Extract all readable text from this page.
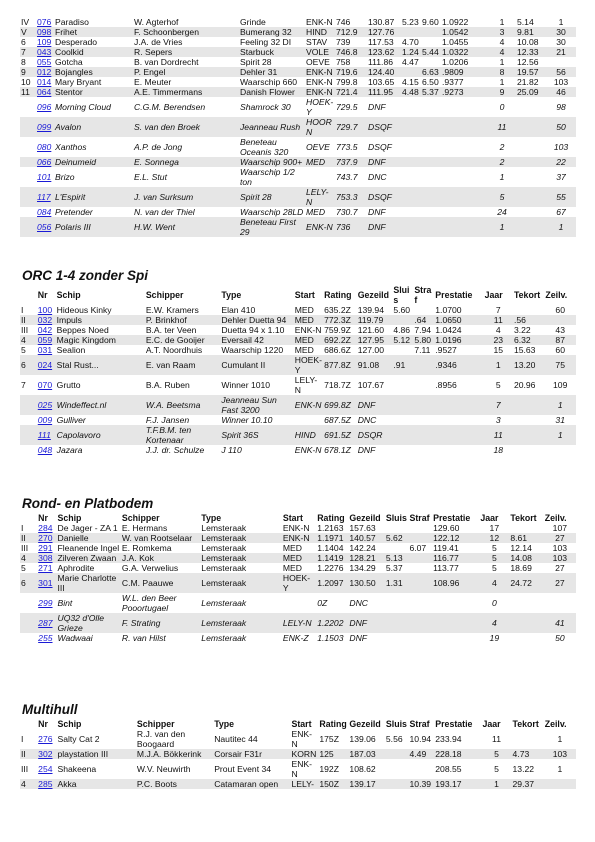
IV	076	Paradiso	W. Agterhof	Grinde	ENK-N	746	130.87	5.23	9.60	1.0922	1	5.14	1
V	098	Frihet	F. Schoonbergen	Bumerang 32	HIND	712.9	127.76			1.0542	3	9.81	30
6	109	Desperado	J.A. de Vries	Feeling 32 DI	STAV	739	117.53	4.70		1.0455	4	10.08	30
7	043	Coolkid	R. Sepers	Starbuck	VOLE	746.8	123.62	1.24	5.44	1.0322	4	12.33	21
8	055	Gotcha	B. van Dordrecht	Spirit 28	OEVE	758	111.86	4.47		1.0206	1	12.56	
9	012	Bojangles	P. Engel	Dehler 31	ENK-N	719.6	124.40		6.63	.9809	8	19.57	56
10	014	Mary Bryant	E. Meuter	Waarschip 660	ENK-N	799.8	103.65	4.15	6.50	.9377	1	21.82	103
11	064	Stentor	A.E. Timmermans	Danish Flower	ENK-N	721.4	111.95	4.48	5.37	.9273	9	25.09	46
	096	Morning Cloud	C.G.M. Berendsen	Shamrock 30	HOEK-Y	729.5	DNF				0		98
	099	Avalon	S. van den Broek	Jeanneau Rush	HOORN	729.7	DSQF				11		50
	080	Xanthos	A.P. de Jong	Beneteau Oceanis 320	OEVE	773.5	DSQF				2		103
	066	Deinumeid	E. Sonnega	Waarschip 900+	MED	737.9	DNF				2		22
	101	Brizo	E.L. Stut	Waarschip 1/2 ton		743.7	DNC				1		37
	117	L'Espirit	J. van Surksum	Spirit 28	LELY-N	753.3	DSQF				5		55
	084	Pretender	N. van der Thiel	Waarschip 28LD	MED	730.7	DNF				24		67
	056	Polaris III	H.W. Went	Beneteau First 29	ENK-N	736	DNF				1		1
ORC 1-4 zonder Spi
	Nr	Schip	Schipper	Type	Start	Rating	Gezeild	Sluis	Straf	Prestatie	Jaar	Tekort	Zeilv.
I	100	Hideous Kinky	E.W. Kramers	Elan 410	MED	635.2Z	139.94	5.60		1.0700	7		60
II	032	Impuls	P. Brinkhof	Dehler Duetta 94	MED	772.3Z	119.79		.64	1.0650	11	.56	
III	042	Beppes Noed	B.A. ter Veen	Duetta 94 x 1.10	ENK-N	759.9Z	121.60	4.86	7.94	1.0424	4	3.22	43
4	059	Magic Kingdom	E.C. de Gooijer	Eversail 42	MED	692.2Z	127.95	5.12	5.80	1.0196	23	6.32	87
5	031	Sealion	A.T. Noordhuis	Waarschip 1220	MED	686.6Z	127.00		7.11	.9527	15	15.63	60
6	024	Stal Rust...	E. van Raam	Cumulant II	HOEK-Y	877.8Z	91.08	.91		.9346	1	13.20	75
7	070	Grutto	B.A. Ruben	Winner 1010	LELY-N	718.7Z	107.67			.8956	5	20.96	109
	025	Windeffect.nl	W.A. Beetsma	Jeanneau Sun Fast 3200	ENK-N	699.8Z	DNF				7		1
	009	Gulliver	F.J. Jansen	Winner 10.10		687.5Z	DNC				3		31
	111	Capolavoro	T.F.B.M. ten Kortenaar	Spirit 36S	HIND	691.5Z	DSQR				11		1
	048	Jazara	J.J. dr. Schulze	J 110	ENK-N	678.1Z	DNF				18		
Rond- en Platbodem
	Nr	Schip	Schipper	Type	Start	Rating	Gezeild	Sluis	Straf	Prestatie	Jaar	Tekort	Zeilv.
I	284	De Jager - ZA 1	E. Hermans	Lemsteraak	ENK-N	1.2163	157.63			129.60	17		107
II	270	Danielle	W. van Rootselaar	Lemsteraak	ENK-N	1.1971	140.57	5.62		122.12	12	8.61	27
III	291	Fleanende Ingel	E. Romkema	Lemsteraak	MED	1.1404	142.24		6.07	119.41	5	12.14	103
4	308	Zilveren Zwaan	J.A. Kok	Lemsteraak	MED	1.1419	128.21	5.13		116.77	5	14.08	103
5	271	Aphrodite	G.A. Verwelius	Lemsteraak	MED	1.2276	134.29	5.37		113.77	5	18.69	27
6	301	Marie Charlotte III	C.M. Paauwe	Lemsteraak	HOEK-Y	1.2097	130.50	1.31		108.96	4	24.72	27
	299	Bint	W.L. den Beer Pooortugael	Lemsteraak		0Z	DNC				0		
	287	UQ32 d'Olle Grieze	F. Strating	Lemsteraak	LELY-N	1.2202	DNF				4		41
	255	Wadwaai	R. van Hilst	Lemsteraak	ENK-Z	1.1503	DNF				19		50
Multihull
	Nr	Schip	Schipper	Type	Start	Rating	Gezeild	Sluis	Straf	Prestatie	Jaar	Tekort	Zeilv.
I	276	Salty Cat 2	R.J. van den Boogaard	Nautitec 44	ENK-N	175Z	139.06	5.56	10.94	233.94	11		1
II	302	playstation III	M.J.A. Bökkerink	Corsair F31r	KORN	125	187.03		4.49	228.18	5	4.73	103
III	254	Shakeena	W.V. Neuwirth	Prout Event 34	ENK-N	192Z	108.62			208.55	5	13.22	1
4	285	Akka	P.C. Boots	Catamaran open	LELY-	150Z	139.17		10.39	193.17	1	29.37	
